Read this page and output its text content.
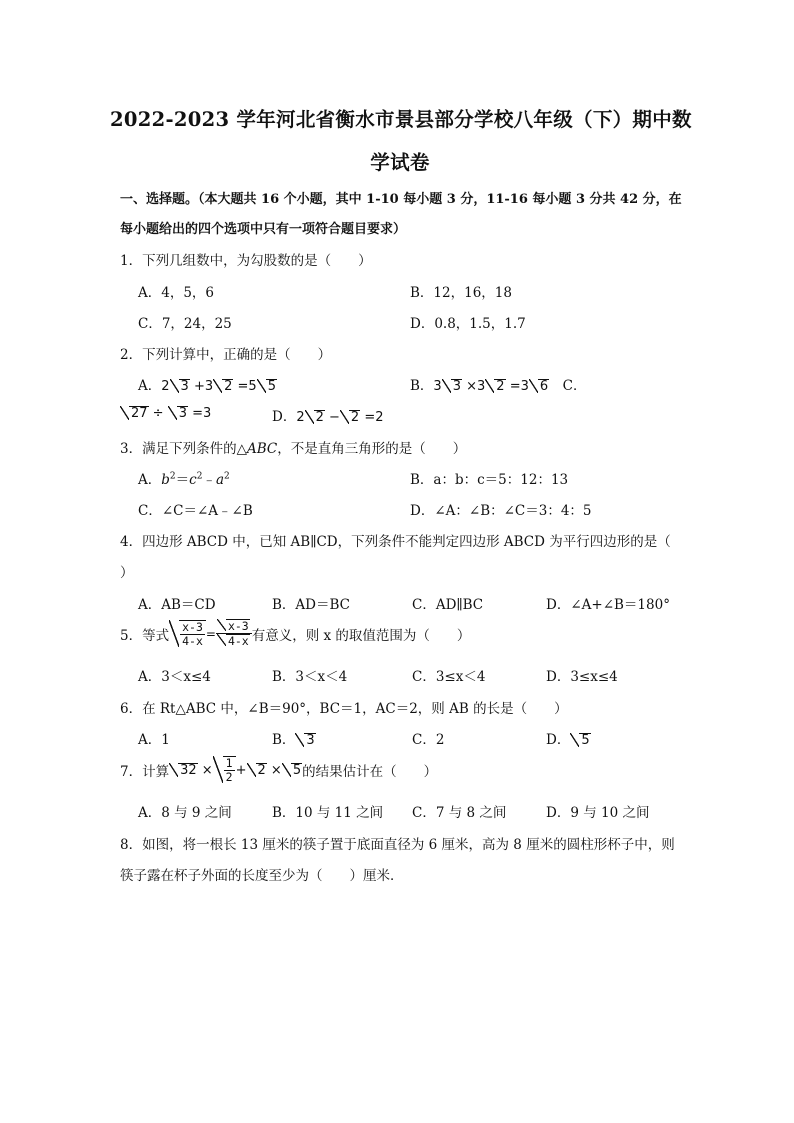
2022-2023 学年河北省衡水市景县部分学校八年级（下）期中数
学试卷
一、选择题。（本大题共 16 个小题，其中 1-10 每小题 3 分，11-16 每小题 3 分共 42 分，在
每小题给出的四个选项中只有一项符合题目要求）
1．下列几组数中，为勾股数的是（　　）
A．4，5，6	B．12，16，18
C．7，24，25	D．0.8，1.5，1.7
2．下列计算中，正确的是（　　）
A．2 3 +3 2 =5 5	B．3 3 ×3 2 =3 6　C．
27 ÷ 3 =3	D．2 2 − 2 =2
3．满足下列条件的△ABC，不是直角三角形的是（　　）
A．$b^2=c^2﹣a^2$	B．a：b：c＝5：12：13
C．∠C＝∠A﹣∠B	D．∠A：∠B：∠C＝3：4：5
4．四边形 ABCD 中，已知 AB∥CD，下列条件不能判定四边形 ABCD 为平行四边形的是（
）
A．AB＝CD	B．AD＝BC	C．AD∥BC	D．∠A+∠B＝180°
5．等式 $\frac{x-3}{4-x} = \frac{x-3}{4-x}$ 有意义，则 x 的取值范围为（　　）
A．3＜x≤4	B．3＜x＜4	C．3≤x＜4	D．3≤x≤4
6．在 Rt△ABC 中，∠B＝90°，BC＝1，AC＝2，则 AB 的长是（　　）
A．1	B． 3	C．2	D． 5
7．计算 $32 \times \frac{1}{2} + 2 \times 5$ 的结果估计在（　　）
A．8 与 9 之间	B．10 与 11 之间 C．7 与 8 之间	D．9 与 10 之间
8．如图，将一根长 13 厘米的筷子置于底面直径为 6 厘米，高为 8 厘米的圆柱形杯子中，则
筷子露在杯子外面的长度至少为（　　）厘米．
